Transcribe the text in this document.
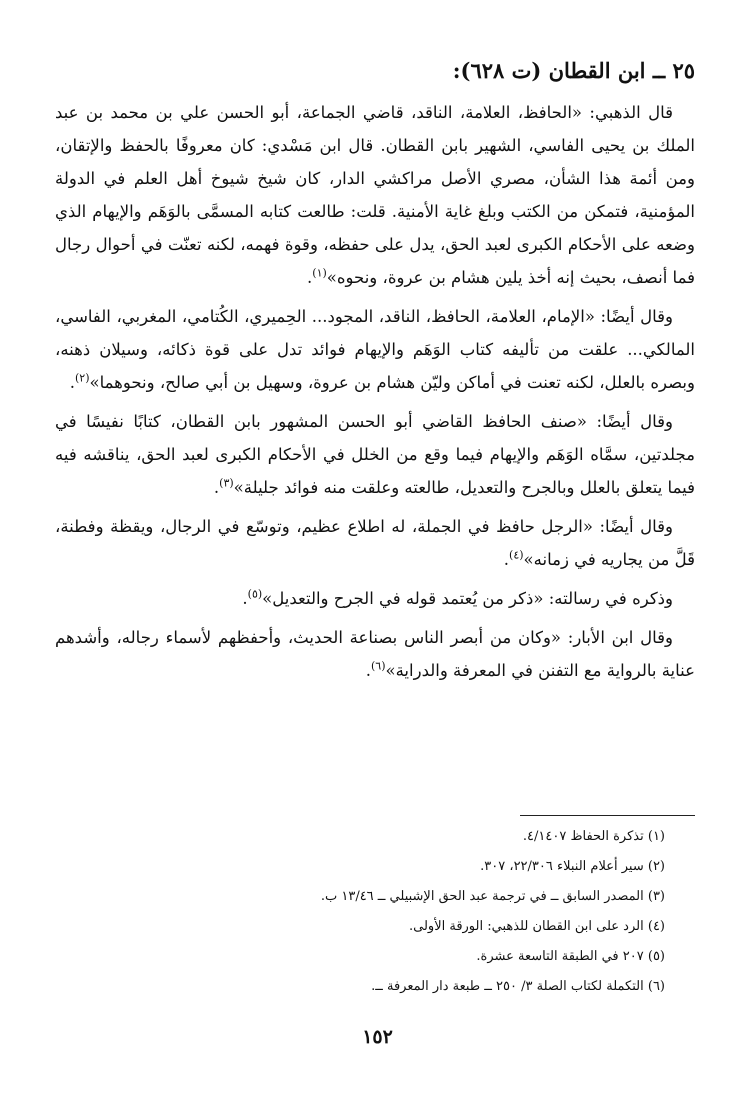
٢٥ ــ ابن القطان (ت ٦٢٨):

قال الذهبي: «الحافظ، العلامة، الناقد، قاضي الجماعة، أبو الحسن علي بن محمد بن عبد الملك بن يحيى الفاسي، الشهير بابن القطان. قال ابن مَسْدي: كان معروفًا بالحفظ والإتقان، ومن أئمة هذا الشأن، مصري الأصل مراكشي الدار، كان شيخ شيوخ أهل العلم في الدولة المؤمنية، فتمكن من الكتب وبلغ غاية الأمنية. قلت: طالعت كتابه المسمَّى بالوَهَم والإيهام الذي وضعه على الأحكام الكبرى لعبد الحق، يدل على حفظه، وقوة فهمه، لكنه تعنّت في أحوال رجال فما أنصف، بحيث إنه أخذ يلين هشام بن عروة، ونحوه»$^{(١)}$.

وقال أيضًا: «الإمام، العلامة، الحافظ، الناقد، المجود... الحِميري، الكُتامي، المغربي، الفاسي، المالكي... علقت من تأليفه كتاب الوَهَم والإيهام فوائد تدل على قوة ذكائه، وسيلان ذهنه، وبصره بالعلل، لكنه تعنت في أماكن وليّن هشام بن عروة، وسهيل بن أبي صالح، ونحوهما»$^{(٢)}$.

وقال أيضًا: «صنف الحافظ القاضي أبو الحسن المشهور بابن القطان، كتابًا نفيسًا في مجلدتين، سمَّاه الوَهَم والإيهام فيما وقع من الخلل في الأحكام الكبرى لعبد الحق، يناقشه فيه فيما يتعلق بالعلل وبالجرح والتعديل، طالعته وعلقت منه فوائد جليلة»$^{(٣)}$.

وقال أيضًا: «الرجل حافظ في الجملة، له اطلاع عظيم، وتوسّع في الرجال، ويقظة وفطنة، قَلَّ من يجاريه في زمانه»$^{(٤)}$.

وذكره في رسالته: «ذكر من يُعتمد قوله في الجرح والتعديل»$^{(٥)}$.

وقال ابن الأبار: «وكان من أبصر الناس بصناعة الحديث، وأحفظهم لأسماء رجاله، وأشدهم عناية بالرواية مع التفنن في المعرفة والدراية»$^{(٦)}$.

(١) تذكرة الحفاظ ٤/١٤٠٧.
(٢) سير أعلام النبلاء ٢٢/٣٠٦، ٣٠٧.
(٣) المصدر السابق ــ في ترجمة عبد الحق الإشبيلي ــ ١٣/٤٦ ب.
(٤) الرد على ابن القطان للذهبي: الورقة الأولى.
(٥) ٢٠٧ في الطبقة التاسعة عشرة.
(٦) التكملة لكتاب الصلة ٣/ ٢٥٠ ــ طبعة دار المعرفة ــ.
١٥٢
